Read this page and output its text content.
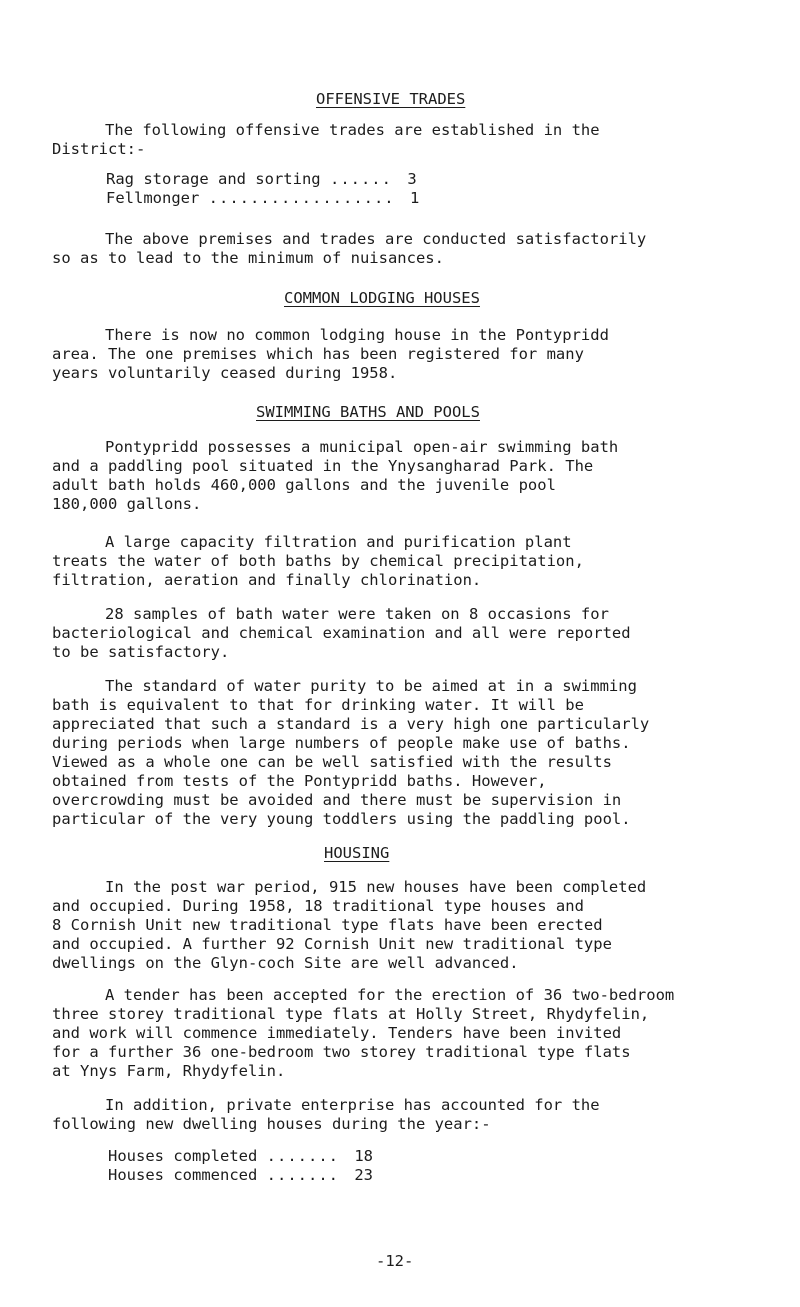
OFFENSIVE TRADES
The following offensive trades are established in the
District:-
Rag storage and sorting ...... 3
Fellmonger .................. 1
The above premises and trades are conducted satisfactorily
so as to lead to the minimum of nuisances.
COMMON LODGING HOUSES
There is now no common lodging house in the Pontypridd
area. The one premises which has been registered for many
years voluntarily ceased during 1958.
SWIMMING BATHS AND POOLS
Pontypridd possesses a municipal open-air swimming bath
and a paddling pool situated in the Ynysangharad Park. The
adult bath holds 460,000 gallons and the juvenile pool
180,000 gallons.
A large capacity filtration and purification plant
treats the water of both baths by chemical precipitation,
filtration, aeration and finally chlorination.
28 samples of bath water were taken on 8 occasions for
bacteriological and chemical examination and all were reported
to be satisfactory.
The standard of water purity to be aimed at in a swimming
bath is equivalent to that for drinking water. It will be
appreciated that such a standard is a very high one particularly
during periods when large numbers of people make use of baths.
Viewed as a whole one can be well satisfied with the results
obtained from tests of the Pontypridd baths. However,
overcrowding must be avoided and there must be supervision in
particular of the very young toddlers using the paddling pool.
HOUSING
In the post war period, 915 new houses have been completed
and occupied. During 1958, 18 traditional type houses and
8 Cornish Unit new traditional type flats have been erected
and occupied. A further 92 Cornish Unit new traditional type
dwellings on the Glyn-coch Site are well advanced.
A tender has been accepted for the erection of 36 two-bedroom
three storey traditional type flats at Holly Street, Rhydyfelin,
and work will commence immediately. Tenders have been invited
for a further 36 one-bedroom two storey traditional type flats
at Ynys Farm, Rhydyfelin.
In addition, private enterprise has accounted for the
following new dwelling houses during the year:-
Houses completed ....... 18
Houses commenced ....... 23
-12-
